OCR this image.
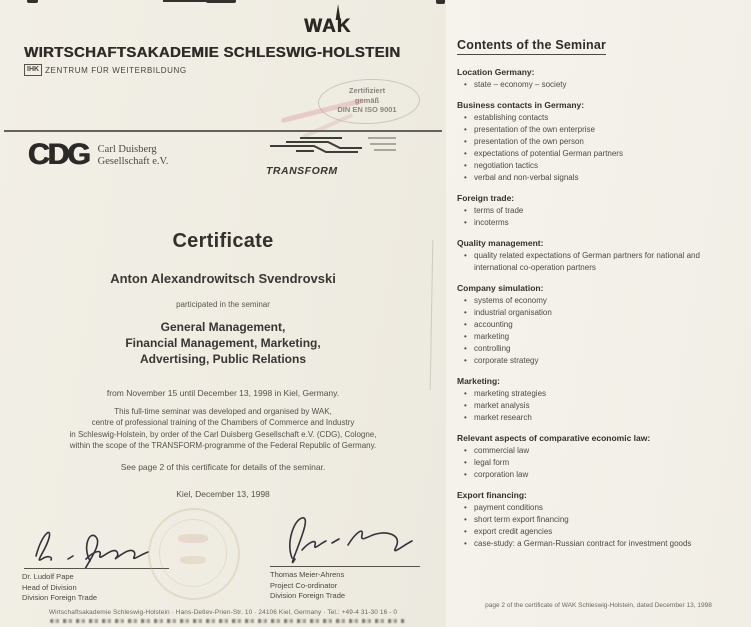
WAK
WIRTSCHAFTSAKADEMIE SCHLESWIG-HOLSTEIN
IHK ZENTRUM FÜR WEITERBILDUNG
Zertifiziert
gemäß
DIN EN ISO 9001
CDG Carl Duisberg
Gesellschaft e.V.
TRANSFORM
Certificate
Anton Alexandrowitsch Svendrovski
participated in the seminar
General Management,
Financial Management, Marketing,
Advertising, Public Relations
from November 15 until December 13, 1998 in Kiel, Germany.
This full-time seminar was developed and organised by WAK,
centre of professional training of the Chambers of Commerce and Industry
in Schleswig-Holstein, by order of the Carl Duisberg Gesellschaft e.V. (CDG), Cologne,
within the scope of the TRANSFORM-programme of the Federal Republic of Germany.
See page 2 of this certificate for details of the seminar.
Kiel, December 13, 1998
Dr. Ludolf Pape
Head of Division
Division Foreign Trade
Thomas Meier-Ahrens
Project Co-ordinator
Division Foreign Trade
Wirtschaftsakademie Schleswig-Holstein · Hans-Detlev-Prien-Str. 10 · 24106 Kiel, Germany · Tel.: +49-4 31-30 16 - 0
Contents of the Seminar
Location Germany:
• state – economy – society
Business contacts in Germany:
• establishing contacts
• presentation of the own enterprise
• presentation of the own person
• expectations of potential German partners
• negotiation tactics
• verbal and non-verbal signals
Foreign trade:
• terms of trade
• incoterms
Quality management:
• quality related expectations of German partners for national and international co-operation partners
Company simulation:
• systems of economy
• industrial organisation
• accounting
• marketing
• controlling
• corporate strategy
Marketing:
• marketing strategies
• market analysis
• market research
Relevant aspects of comparative economic law:
• commercial law
• legal form
• corporation law
Export financing:
• payment conditions
• short term export financing
• export credit agencies
• case-study: a German-Russian contract for investment goods
page 2 of the certificate of WAK Schleswig-Holstein, dated December 13, 1998
